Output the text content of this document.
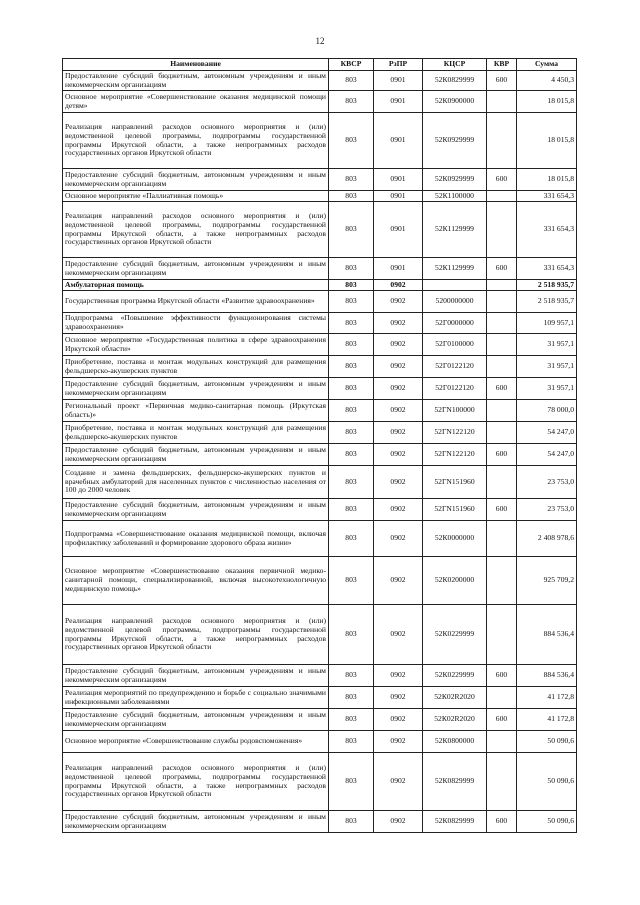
12
Наименование	КВСР	РзПР	КЦСР	КВР	Сумма
Предоставление субсидий бюджетным, автономным учреждениям и иным некоммерческим организациям	803	0901	52К0829999	600	4 450,3
Основное мероприятие «Совершенствование оказания медицинской помощи детям»	803	0901	52К0900000		18 015,8
Реализация направлений расходов основного мероприятия и (или) ведомственной целевой программы, подпрограммы государственной программы Иркутской области, а также непрограммных расходов государственных органов Иркутской области	803	0901	52К0929999		18 015,8
Предоставление субсидий бюджетным, автономным учреждениям и иным некоммерческим организациям	803	0901	52К0929999	600	18 015,8
Основное мероприятие «Паллиативная помощь»	803	0901	52К1100000		331 654,3
Реализация направлений расходов основного мероприятия и (или) ведомственной целевой программы, подпрограммы государственной программы Иркутской области, а также непрограммных расходов государственных органов Иркутской области	803	0901	52К1129999		331 654,3
Предоставление субсидий бюджетным, автономным учреждениям и иным некоммерческим организациям	803	0901	52К1129999	600	331 654,3
Амбулаторная помощь	803	0902			2 518 935,7
Государственная программа Иркутской области «Развитие здравоохранения»	803	0902	5200000000		2 518 935,7
Подпрограмма «Повышение эффективности функционирования системы здравоохранения»	803	0902	52Г0000000		109 957,1
Основное мероприятие «Государственная политика в сфере здравоохранения Иркутской области»	803	0902	52Г0100000		31 957,1
Приобретение, поставка и монтаж модульных конструкций для размещения фельдшерско-акушерских пунктов	803	0902	52Г0122120		31 957,1
Предоставление субсидий бюджетным, автономным учреждениям и иным некоммерческим организациям	803	0902	52Г0122120	600	31 957,1
Региональный проект «Первичная медико-санитарная помощь (Иркутская область)»	803	0902	52ГN100000		78 000,0
Приобретение, поставка и монтаж модульных конструкций для размещения фельдшерско-акушерских пунктов	803	0902	52ГN122120		54 247,0
Предоставление субсидий бюджетным, автономным учреждениям и иным некоммерческим организациям	803	0902	52ГN122120	600	54 247,0
Создание и замена фельдшерских, фельдшерско-акушерских пунктов и врачебных амбулаторий для населенных пунктов с численностью населения от 100 до 2000 человек	803	0902	52ГN151960		23 753,0
Предоставление субсидий бюджетным, автономным учреждениям и иным некоммерческим организациям	803	0902	52ГN151960	600	23 753,0
Подпрограмма «Совершенствование оказания медицинской помощи, включая профилактику заболеваний и формирование здорового образа жизни»	803	0902	52К0000000		2 408 978,6
Основное мероприятие «Совершенствование оказания первичной медико-санитарной помощи, специализированной, включая высокотехнологичную медицинскую помощь»	803	0902	52К0200000		925 709,2
Реализация направлений расходов основного мероприятия и (или) ведомственной целевой программы, подпрограммы государственной программы Иркутской области, а также непрограммных расходов государственных органов Иркутской области	803	0902	52К0229999		884 536,4
Предоставление субсидий бюджетным, автономным учреждениям и иным некоммерческим организациям	803	0902	52К0229999	600	884 536,4
Реализация мероприятий по предупреждению и борьбе с социально значимыми инфекционными заболеваниями	803	0902	52К02R2020		41 172,8
Предоставление субсидий бюджетным, автономным учреждениям и иным некоммерческим организациям	803	0902	52К02R2020	600	41 172,8
Основное мероприятие «Совершенствование службы родовспоможения»	803	0902	52К0800000		50 090,6
Реализация направлений расходов основного мероприятия и (или) ведомственной целевой программы, подпрограммы государственной программы Иркутской области, а также непрограммных расходов государственных органов Иркутской области	803	0902	52К0829999		50 090,6
Предоставление субсидий бюджетным, автономным учреждениям и иным некоммерческим организациям	803	0902	52К0829999	600	50 090,6
